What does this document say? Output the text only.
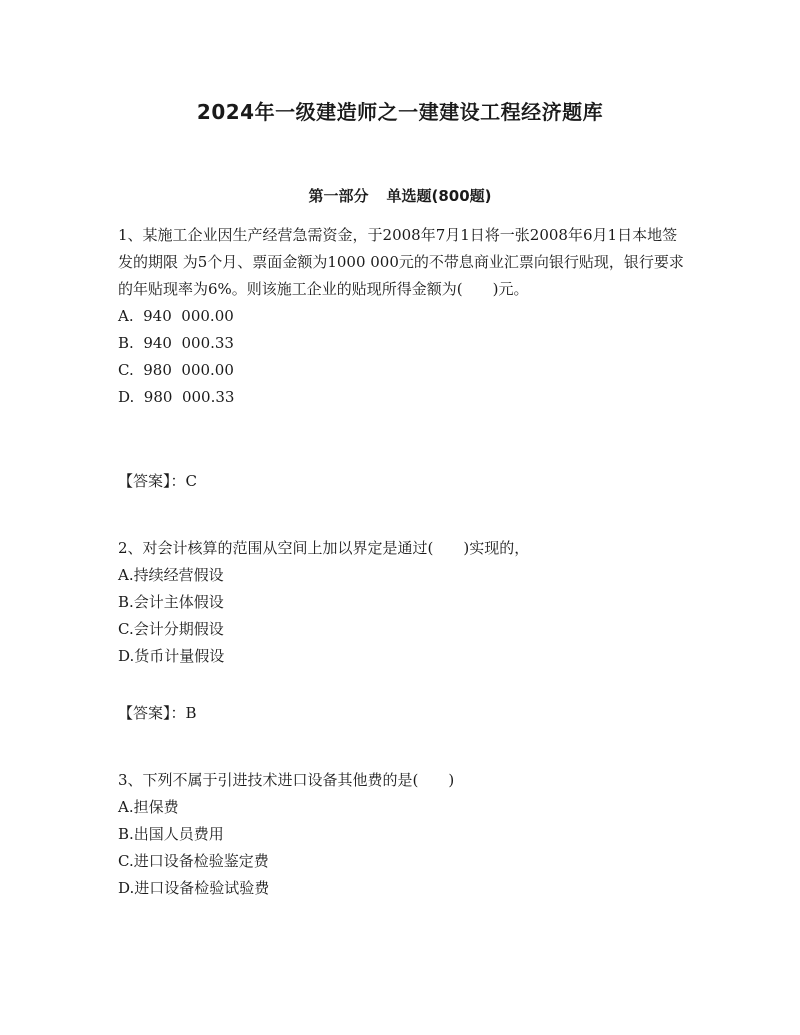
2024年一级建造师之一建建设工程经济题库
第一部分 单选题(800题)

1、某施工企业因生产经营急需资金，于2008年7月1日将一张2008年6月1日本地签发的期限 为5个月、票面金额为1000 000元的不带息商业汇票向银行贴现，银行要求的年贴现率为6%。则该施工企业的贴现所得金额为(　　)元。

A.  940  000.00
B.  940  000.33
C.  980  000.00
D.  980  000.33
【答案】：C

2、对会计核算的范围从空间上加以界定是通过(　　)实现的，

A.持续经营假设
B.会计主体假设
C.会计分期假设
D.货币计量假设
【答案】：B

3、下列不属于引进技术进口设备其他费的是(　　)

A.担保费
B.出国人员费用
C.进口设备检验鉴定费
D.进口设备检验试验费
